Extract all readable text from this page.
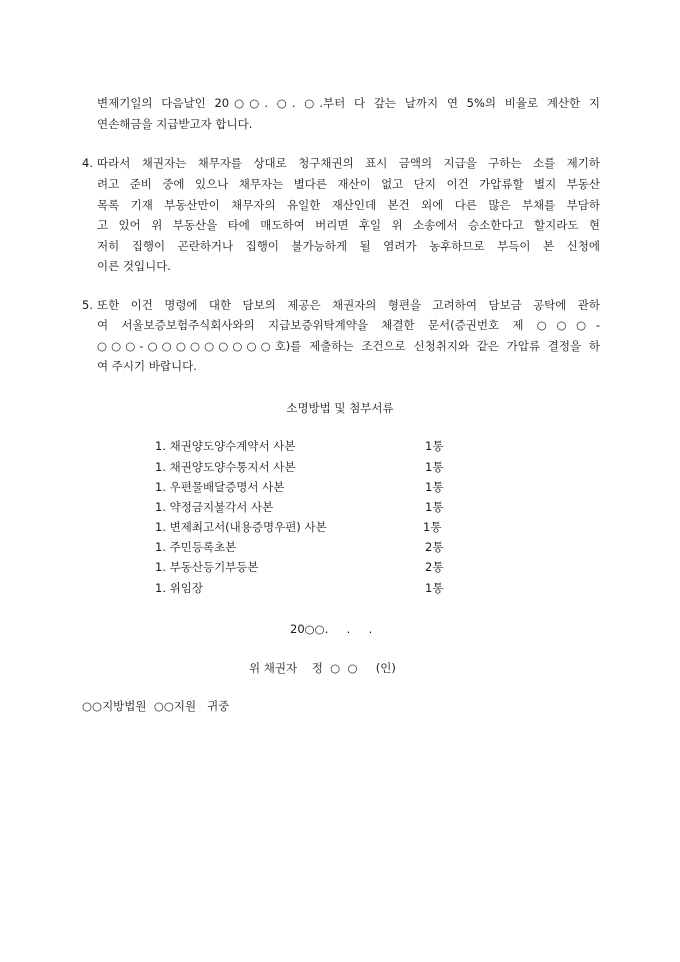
변제기일의 다음날인 20○○. ○. ○.부터 다 갚는 날까지 연 5%의 비율로 계산한 지
연손해금을 지급받고자 합니다.
4. 따라서 채권자는 채무자를 상대로 청구채권의 표시 금액의 지급을 구하는 소를 제기하
려고 준비 중에 있으나 채무자는 별다른 재산이 없고 단지 이건 가압류할 별지 부동산
목록 기재 부동산만이 채무자의 유일한 재산인데 본건 외에 다른 많은 부채를 부담하
고 있어 위 부동산을 타에 매도하여 버리면 후일 위 소송에서 승소한다고 할지라도 현
저히 집행이 곤란하거나 집행이 불가능하게 될 염려가 농후하므로 부득이 본 신청에
이른 것입니다.
5. 또한 이건 명령에 대한 담보의 제공은 채권자의 형편을 고려하여 담보금 공탁에 관하
여 서울보증보험주식회사와의 지급보증위탁계약을 체결한 문서(증권번호 제 ○○○-
○○○-○○○○○○○○○호)를 제출하는 조건으로 신청취지와 같은 가압류 결정을 하
여 주시기 바랍니다.
소명방법 및 첨부서류
1. 채권양도양수계약서 사본	1통
1. 채권양도양수통지서 사본	1통
1. 우편물배달증명서 사본	1통
1. 약정금지불각서 사본	1통
1. 변제최고서(내용증명우편) 사본	1통
1. 주민등록초본	2통
1. 부동산등기부등본	2통
1. 위임장	1통
20○○.     .     .
위 채권자    정  ○  ○     (인)
○○지방법원  ○○지원   귀중
